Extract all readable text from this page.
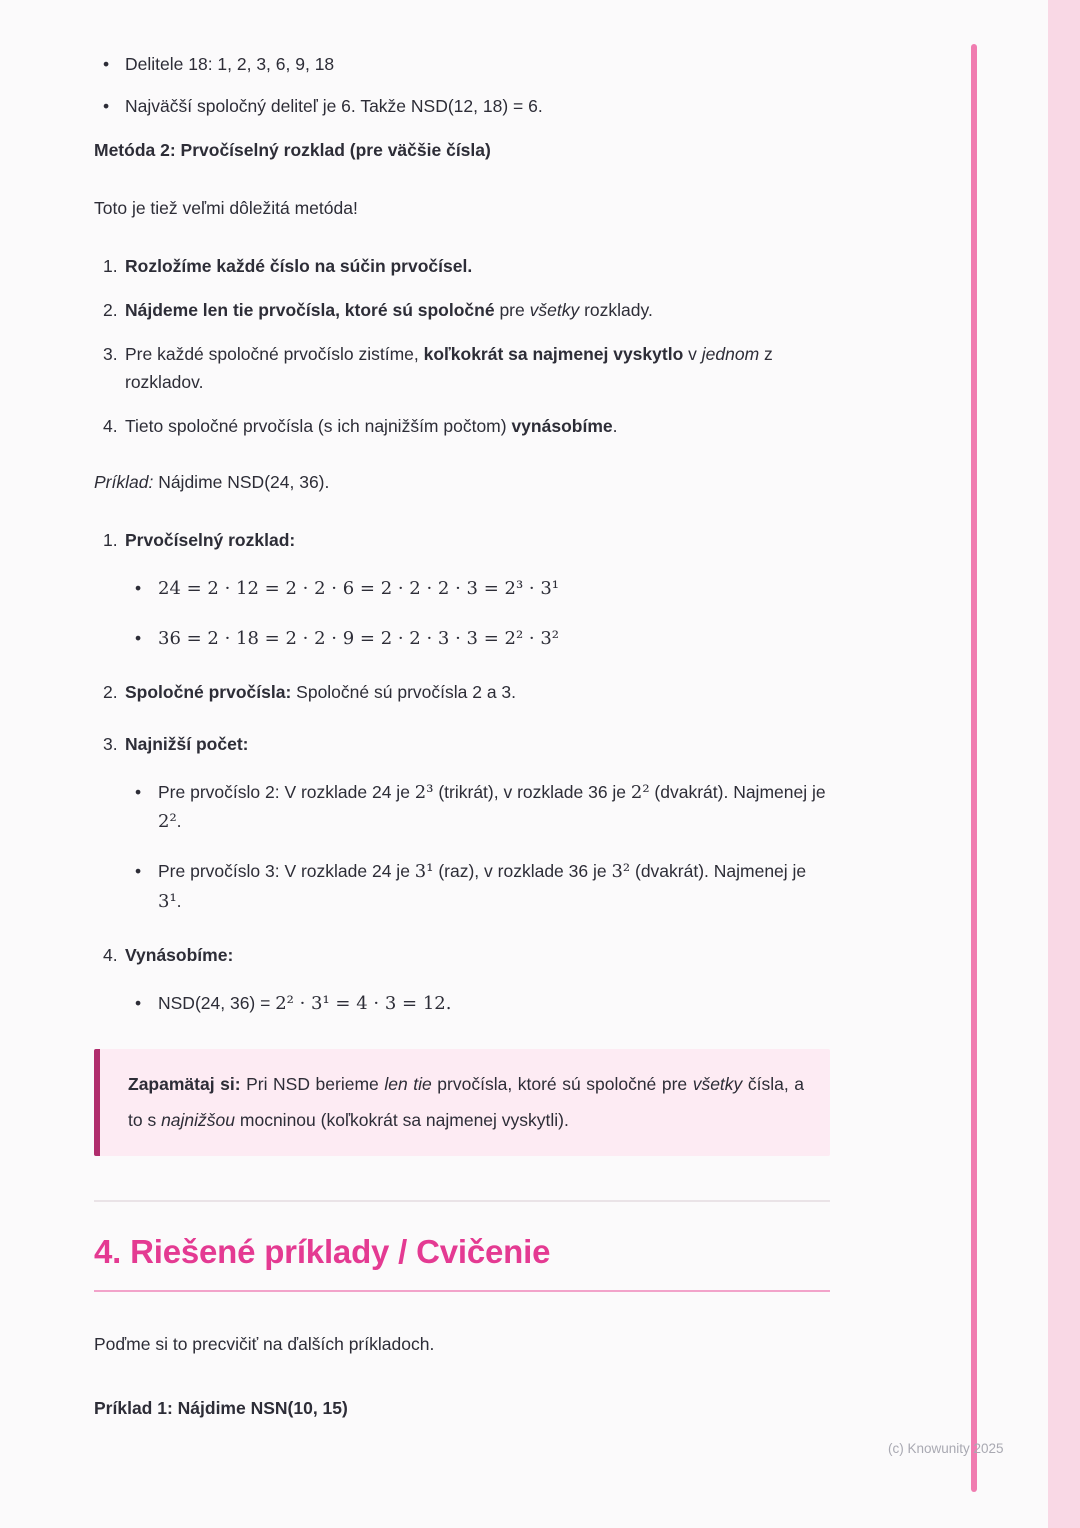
(c) Knowunity 2025
• Delitele 18: 1, 2, 3, 6, 9, 18
• Najväčší spoločný deliteľ je 6. Takže NSD(12, 18) = 6.

Metóda 2: Prvočíselný rozklad (pre väčšie čísla)

Toto je tiež veľmi dôležitá metóda!

1. Rozložíme každé číslo na súčin prvočísel.
2. Nájdeme len tie prvočísla, ktoré sú spoločné pre všetky rozklady.
3. Pre každé spoločné prvočíslo zistíme, koľkokrát sa najmenej vyskytlo v jednom z rozkladov.
4. Tieto spoločné prvočísla (s ich najnižším počtom) vynásobíme.

Príklad: Nájdime NSD(24, 36).

1. Prvočíselný rozklad:
• 24 = 2 · 12 = 2 · 2 · 6 = 2 · 2 · 2 · 3 = 2³ · 3¹
• 36 = 2 · 18 = 2 · 2 · 9 = 2 · 2 · 3 · 3 = 2² · 3²
2. Spoločné prvočísla: Spoločné sú prvočísla 2 a 3.
3. Najnižší počet:
• Pre prvočíslo 2: V rozklade 24 je 2³ (trikrát), v rozklade 36 je 2² (dvakrát). Najmenej je 2².
• Pre prvočíslo 3: V rozklade 24 je 3¹ (raz), v rozklade 36 je 3² (dvakrát). Najmenej je 3¹.
4. Vynásobíme:
• NSD(24, 36) = 2² · 3¹ = 4 · 3 = 12.

Zapamätaj si: Pri NSD berieme len tie prvočísla, ktoré sú spoločné pre všetky čísla, a to s najnižšou mocninou (koľkokrát sa najmenej vyskytli).

4. Riešené príklady / Cvičenie

Poďme si to precvičiť na ďalších príkladoch.

Príklad 1: Nájdime NSN(10, 15)
